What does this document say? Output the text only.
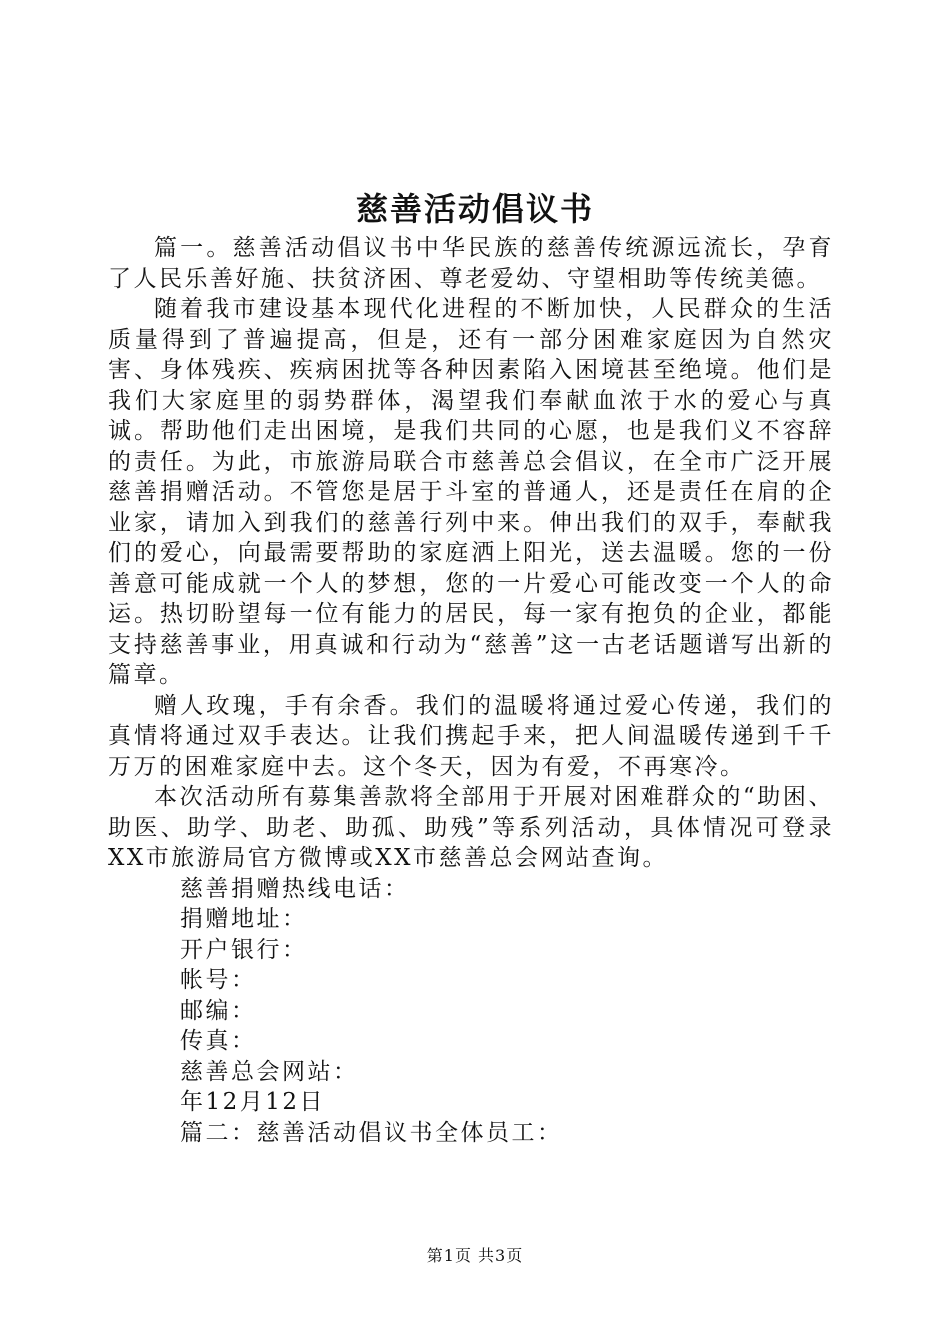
慈善活动倡议书

篇一。慈善活动倡议书中华民族的慈善传统源远流长，孕育了人民乐善好施、扶贫济困、尊老爱幼、守望相助等传统美德。

随着我市建设基本现代化进程的不断加快，人民群众的生活质量得到了普遍提高，但是，还有一部分困难家庭因为自然灾害、身体残疾、疾病困扰等各种因素陷入困境甚至绝境。他们是我们大家庭里的弱势群体，渴望我们奉献血浓于水的爱心与真诚。帮助他们走出困境，是我们共同的心愿，也是我们义不容辞的责任。为此，市旅游局联合市慈善总会倡议，在全市广泛开展慈善捐赠活动。不管您是居于斗室的普通人，还是责任在肩的企业家，请加入到我们的慈善行列中来。伸出我们的双手，奉献我们的爱心，向最需要帮助的家庭洒上阳光，送去温暖。您的一份善意可能成就一个人的梦想，您的一片爱心可能改变一个人的命运。热切盼望每一位有能力的居民，每一家有抱负的企业，都能支持慈善事业，用真诚和行动为“慈善”这一古老话题谱写出新的篇章。

赠人玫瑰，手有余香。我们的温暖将通过爱心传递，我们的真情将通过双手表达。让我们携起手来，把人间温暖传递到千千万万的困难家庭中去。这个冬天，因为有爱，不再寒冷。

本次活动所有募集善款将全部用于开展对困难群众的“助困、助医、助学、助老、助孤、助残”等系列活动，具体情况可登录XX市旅游局官方微博或XX市慈善总会网站查询。

慈善捐赠热线电话：
捐赠地址：
开户银行：
帐号：
邮编：
传真：
慈善总会网站：
年12月12日
篇二：慈善活动倡议书全体员工：
第1页 共3页
